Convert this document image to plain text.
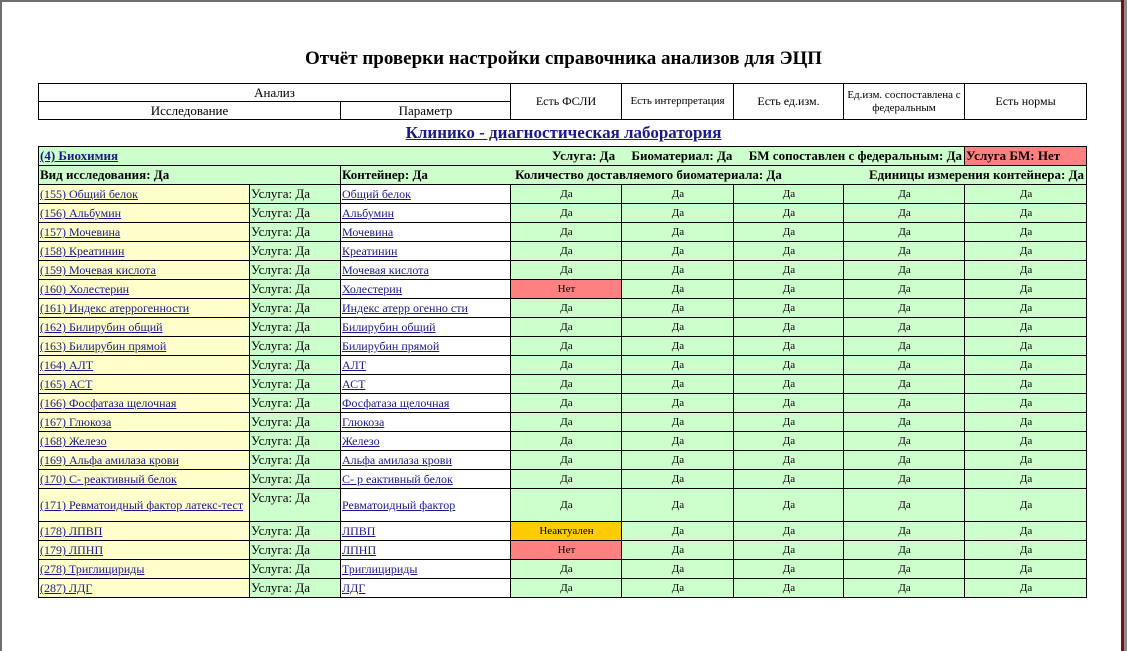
Отчёт проверки настройки справочника анализов для ЭЦП
Анализ		Есть ФСЛИ	Есть интерпретация	Есть ед.изм.	Ед.изм. соспоставлена с федеральным	Есть нормы
Исследование	Параметр					
Клинико - диагностическая лаборатория
(4) Биохимия Услуга: Да Биоматериал: Да БМ сопоставлен с федеральным: Да							Услуга БМ: Нет
Вид исследования: Да		Контейнер: Да Количество доставляемого биоматериала: Да Единицы измерения контейнера: Да					

(155) Общий белок	Услуга: Да	Общий белок	Да	Да	Да	Да	Да
(156) Альбумин	Услуга: Да	Альбумин	Да	Да	Да	Да	Да
(157) Мочевина	Услуга: Да	Мочевина	Да	Да	Да	Да	Да
(158) Креатинин	Услуга: Да	Креатинин	Да	Да	Да	Да	Да
(159) Мочевая кислота	Услуга: Да	Мочевая кислота	Да	Да	Да	Да	Да
(160) Холестерин	Услуга: Да	Холестерин	Нет	Да	Да	Да	Да
(161) Индекс атеррогенности	Услуга: Да	Индекс атерр огенно сти	Да	Да	Да	Да	Да
(162) Билирубин общий	Услуга: Да	Билирубин общий	Да	Да	Да	Да	Да
(163) Билирубин прямой	Услуга: Да	Билирубин прямой	Да	Да	Да	Да	Да
(164) АЛТ	Услуга: Да	АЛТ	Да	Да	Да	Да	Да
(165) АСТ	Услуга: Да	АСТ	Да	Да	Да	Да	Да
(166) Фосфатаза щелочная	Услуга: Да	Фосфатаза щелочная	Да	Да	Да	Да	Да
(167) Глюкоза	Услуга: Да	Глюкоза	Да	Да	Да	Да	Да
(168) Железо	Услуга: Да	Железо	Да	Да	Да	Да	Да
(169) Альфа амилаза крови	Услуга: Да	Альфа амилаза крови	Да	Да	Да	Да	Да
(170) С- реактивный белок	Услуга: Да	С- р еактивный белок	Да	Да	Да	Да	Да
(171) Ревматоидный фактор латекс-тест	Услуга: Да	Ревматоидный фактор	Да	Да	Да	Да	Да
(178) ЛПВП	Услуга: Да	ЛПВП	Неактуален	Да	Да	Да	Да
(179) ЛПНП	Услуга: Да	ЛПНП	Нет	Да	Да	Да	Да
(278) Триглицириды	Услуга: Да	Триглицириды	Да	Да	Да	Да	Да
(287) ЛДГ	Услуга: Да	ЛДГ	Да	Да	Да	Да	Да
